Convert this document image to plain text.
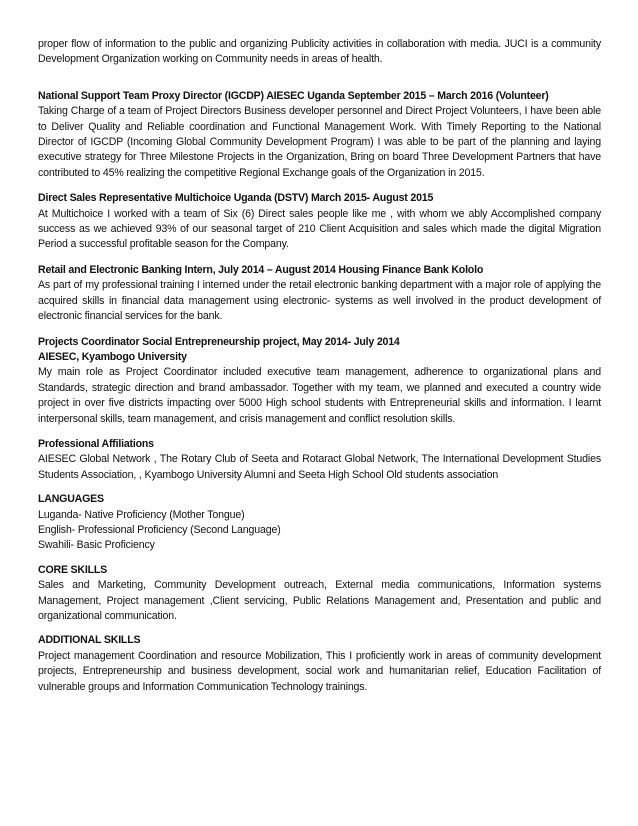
proper flow of information to the public and organizing Publicity activities in collaboration with media. JUCI is a community Development Organization working on Community needs in areas of health.

National Support Team Proxy Director (IGCDP) AIESEC Uganda September 2015 – March 2016 (Volunteer)

Taking Charge of a team of Project Directors Business developer personnel and Direct Project Volunteers, I have been able to Deliver Quality and Reliable coordination and Functional Management Work. With Timely Reporting to the National Director of IGCDP (Incoming Global Community Development Program) I was able to be part of the planning and laying executive strategy for Three Milestone Projects in the Organization, Bring on board Three Development Partners that have contributed to 45% realizing the competitive Regional Exchange goals of the Organization in 2015.

Direct Sales Representative Multichoice Uganda (DSTV) March 2015- August 2015

At Multichoice I worked with a team of Six (6) Direct sales people like me , with whom we ably Accomplished company success as we achieved 93% of our seasonal target of 210 Client Acquisition and sales which made the digital Migration Period a successful profitable season for the Company.

Retail and Electronic Banking Intern, July 2014 – August 2014 Housing Finance Bank Kololo

As part of my professional training I interned under the retail electronic banking department with a major role of applying the acquired skills in financial data management using electronic- systems as well involved in the product development of electronic financial services for the bank.

Projects Coordinator Social Entrepreneurship project, May 2014- July 2014
AIESEC, Kyambogo University

My main role as Project Coordinator included executive team management, adherence to organizational plans and Standards, strategic direction and brand ambassador. Together with my team, we planned and executed a country wide project in over five districts impacting over 5000 High school students with Entrepreneurial skills and information. I learnt interpersonal skills, team management, and crisis management and conflict resolution skills.

Professional Affiliations

AIESEC Global Network , The Rotary Club of Seeta and Rotaract Global Network, The International Development Studies Students Association, , Kyambogo University Alumni and Seeta High School Old students association

LANGUAGES
Luganda- Native Proficiency (Mother Tongue)
English- Professional Proficiency (Second Language)
Swahili- Basic Proficiency
CORE SKILLS

Sales and Marketing, Community Development outreach, External media communications, Information systems Management, Project management ,Client servicing, Public Relations Management and, Presentation and public and organizational communication.

ADDITIONAL SKILLS

Project management Coordination and resource Mobilization, This I proficiently work in areas of community development projects, Entrepreneurship and business development, social work and humanitarian relief, Education Facilitation of vulnerable groups and Information Communication Technology trainings.
